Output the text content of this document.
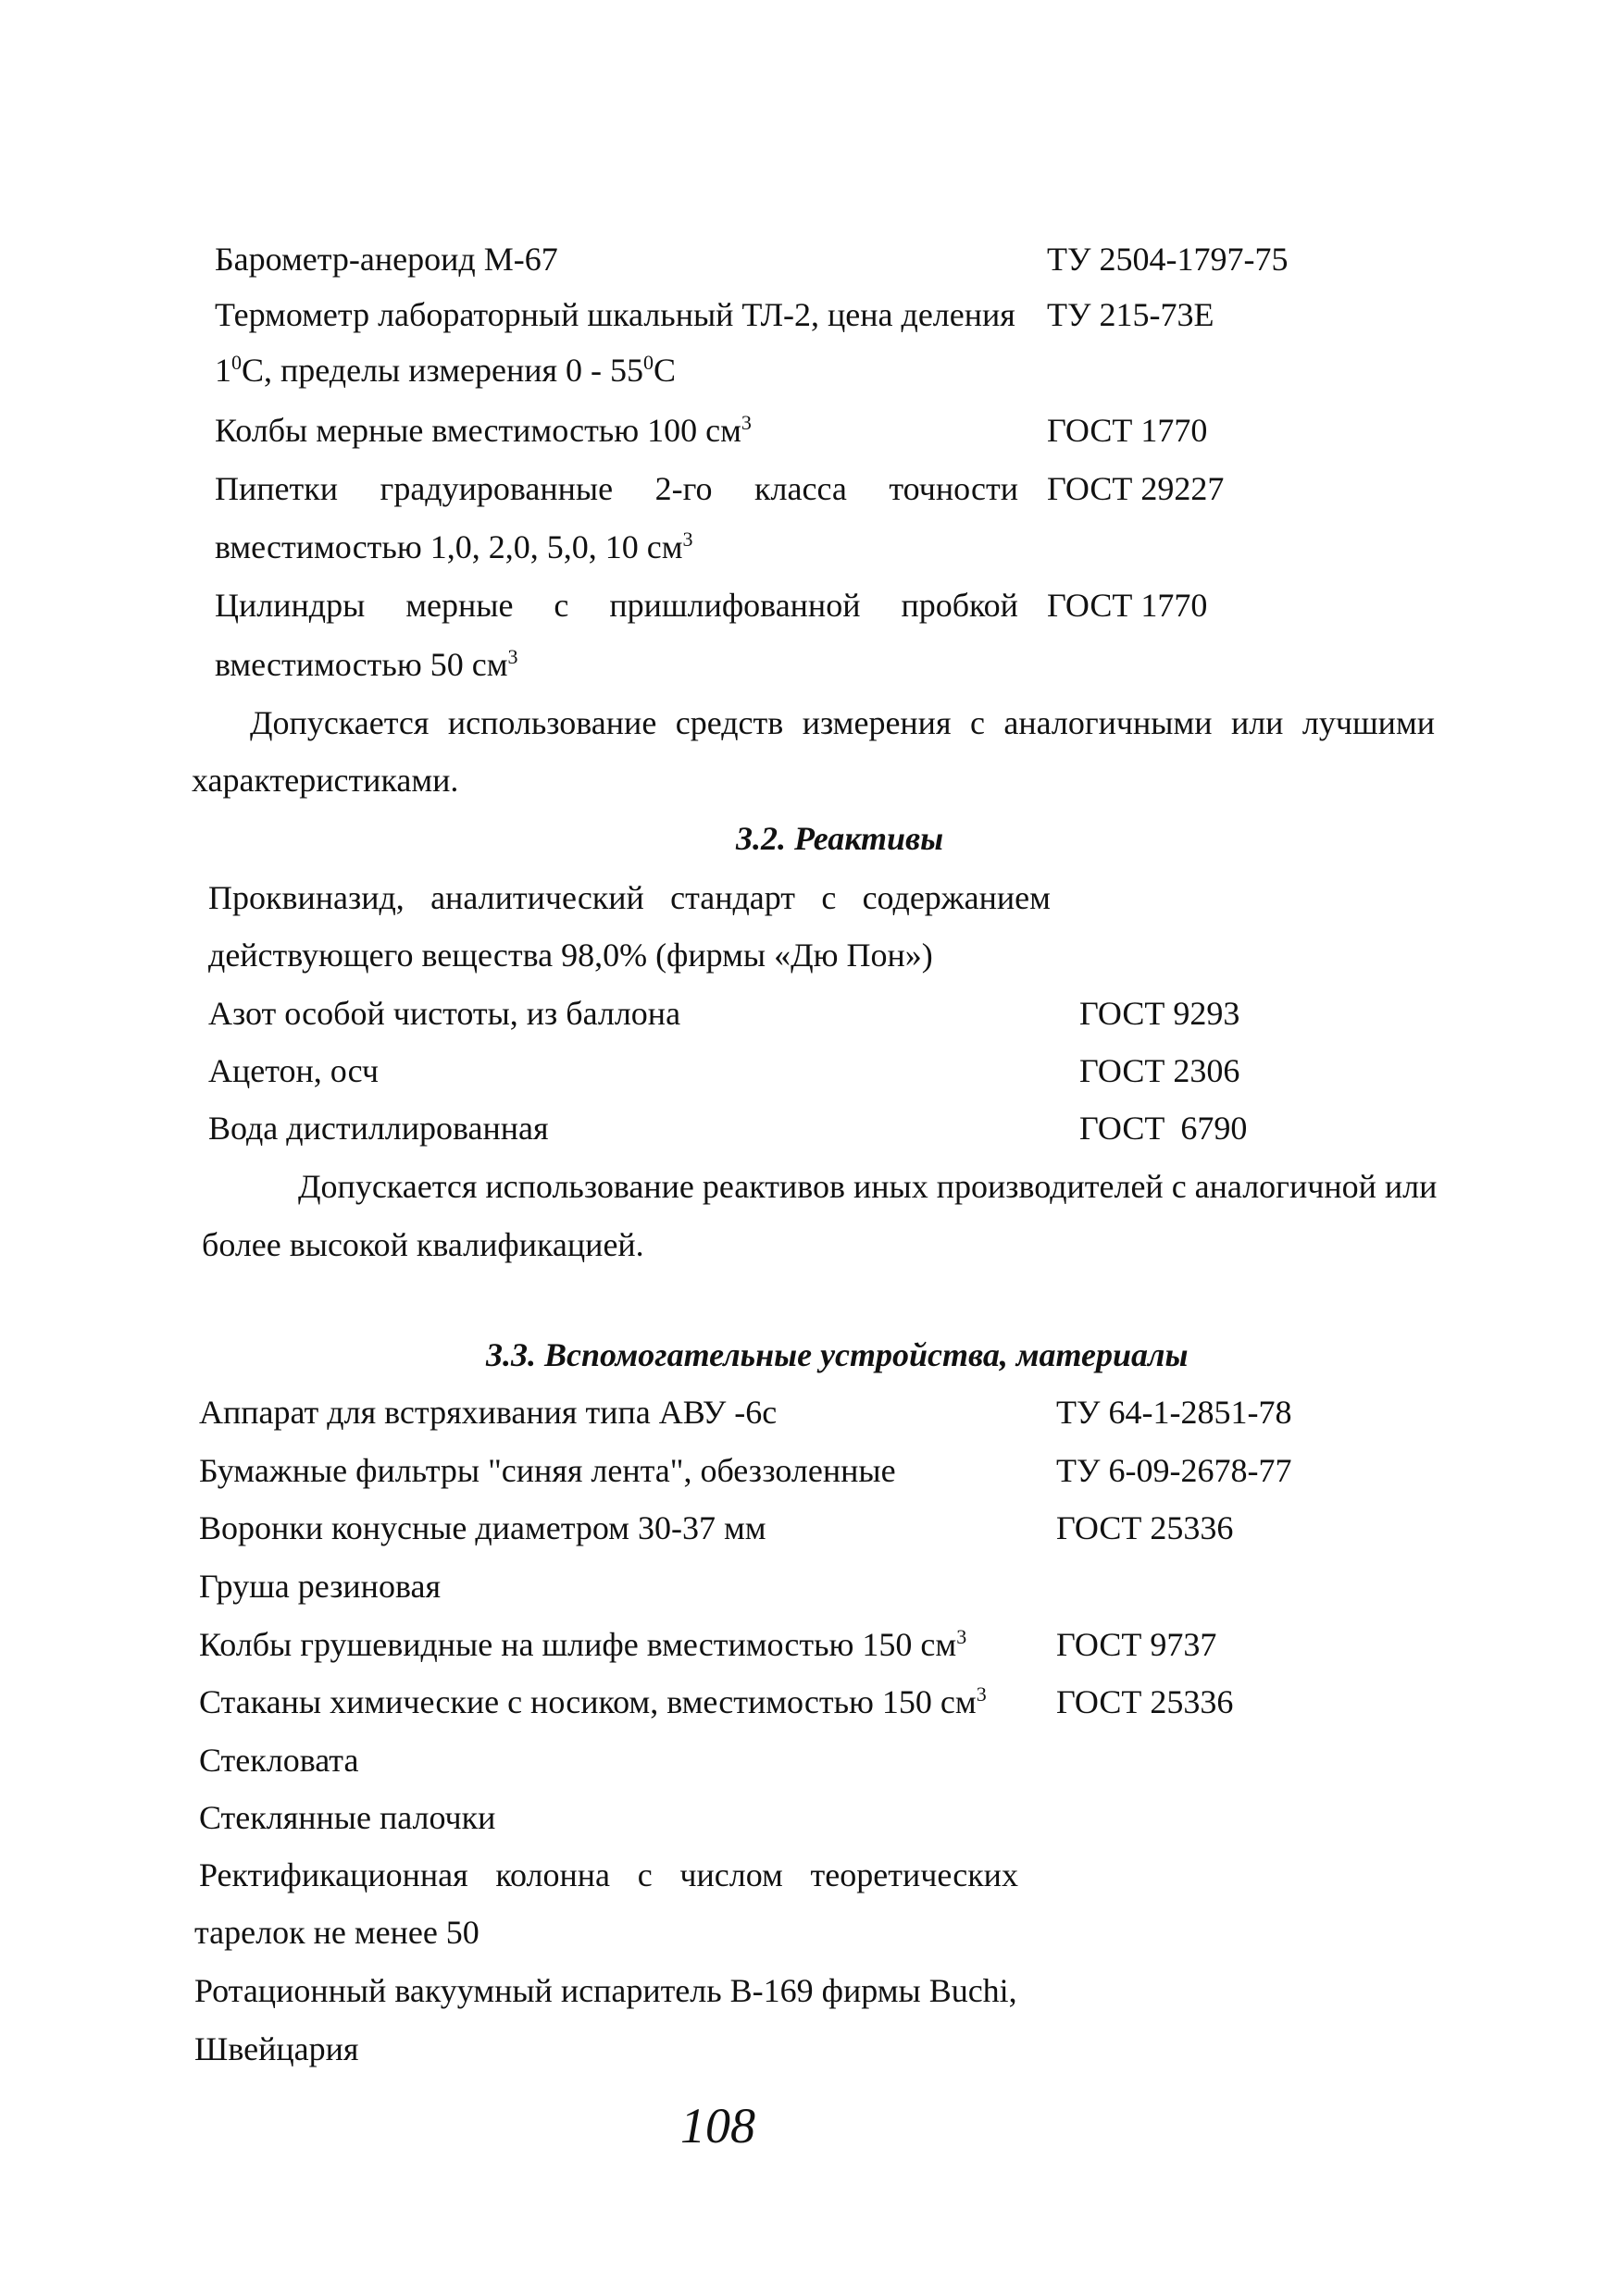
Барометр-анероид М-67	ТУ 2504-1797-75
Термометр лабораторный шкальный ТЛ-2, цена деления ТУ 215-73Е
$1^0С$, пределы измерения $0 - 55^0С$
Колбы мерные вместимостью 100 $см^3$	ГОСТ 1770
Пипетки градуированные 2-го класса точности ГОСТ 29227
вместимостью 1,0, 2,0, 5,0, 10 $см^3$
Цилиндры мерные с пришлифованной пробкой ГОСТ 1770
вместимостью 50 $см^3$
Допускается использование средств измерения с аналогичными или лучшими
характеристиками.
3.2. Реактивы
Проквиназид, аналитический стандарт с содержанием
действующего вещества 98,0% (фирмы «Дю Пон»)
Азот особой чистоты, из баллона	ГОСТ 9293
Ацетон, осч	ГОСТ 2306
Вода дистиллированная	ГОСТ 6790
Допускается использование реактивов иных производителей с аналогичной или
более высокой квалификацией.
3.3. Вспомогательные устройства, материалы
Аппарат для встряхивания типа АВУ -6с	ТУ 64-1-2851-78
Бумажные фильтры "синяя лента", обеззоленные	ТУ 6-09-2678-77
Воронки конусные диаметром 30-37 мм	ГОСТ 25336
Груша резиновая
Колбы грушевидные на шлифе вместимостью 150 $см^3$	ГОСТ 9737
Стаканы химические с носиком, вместимостью 150 $см^3$ ГОСТ 25336
Стекловата
Стеклянные палочки
Ректификационная колонна с числом теоретических
тарелок не менее 50
Ротационный вакуумный испаритель В-169 фирмы Buchi,
Швейцария
108
